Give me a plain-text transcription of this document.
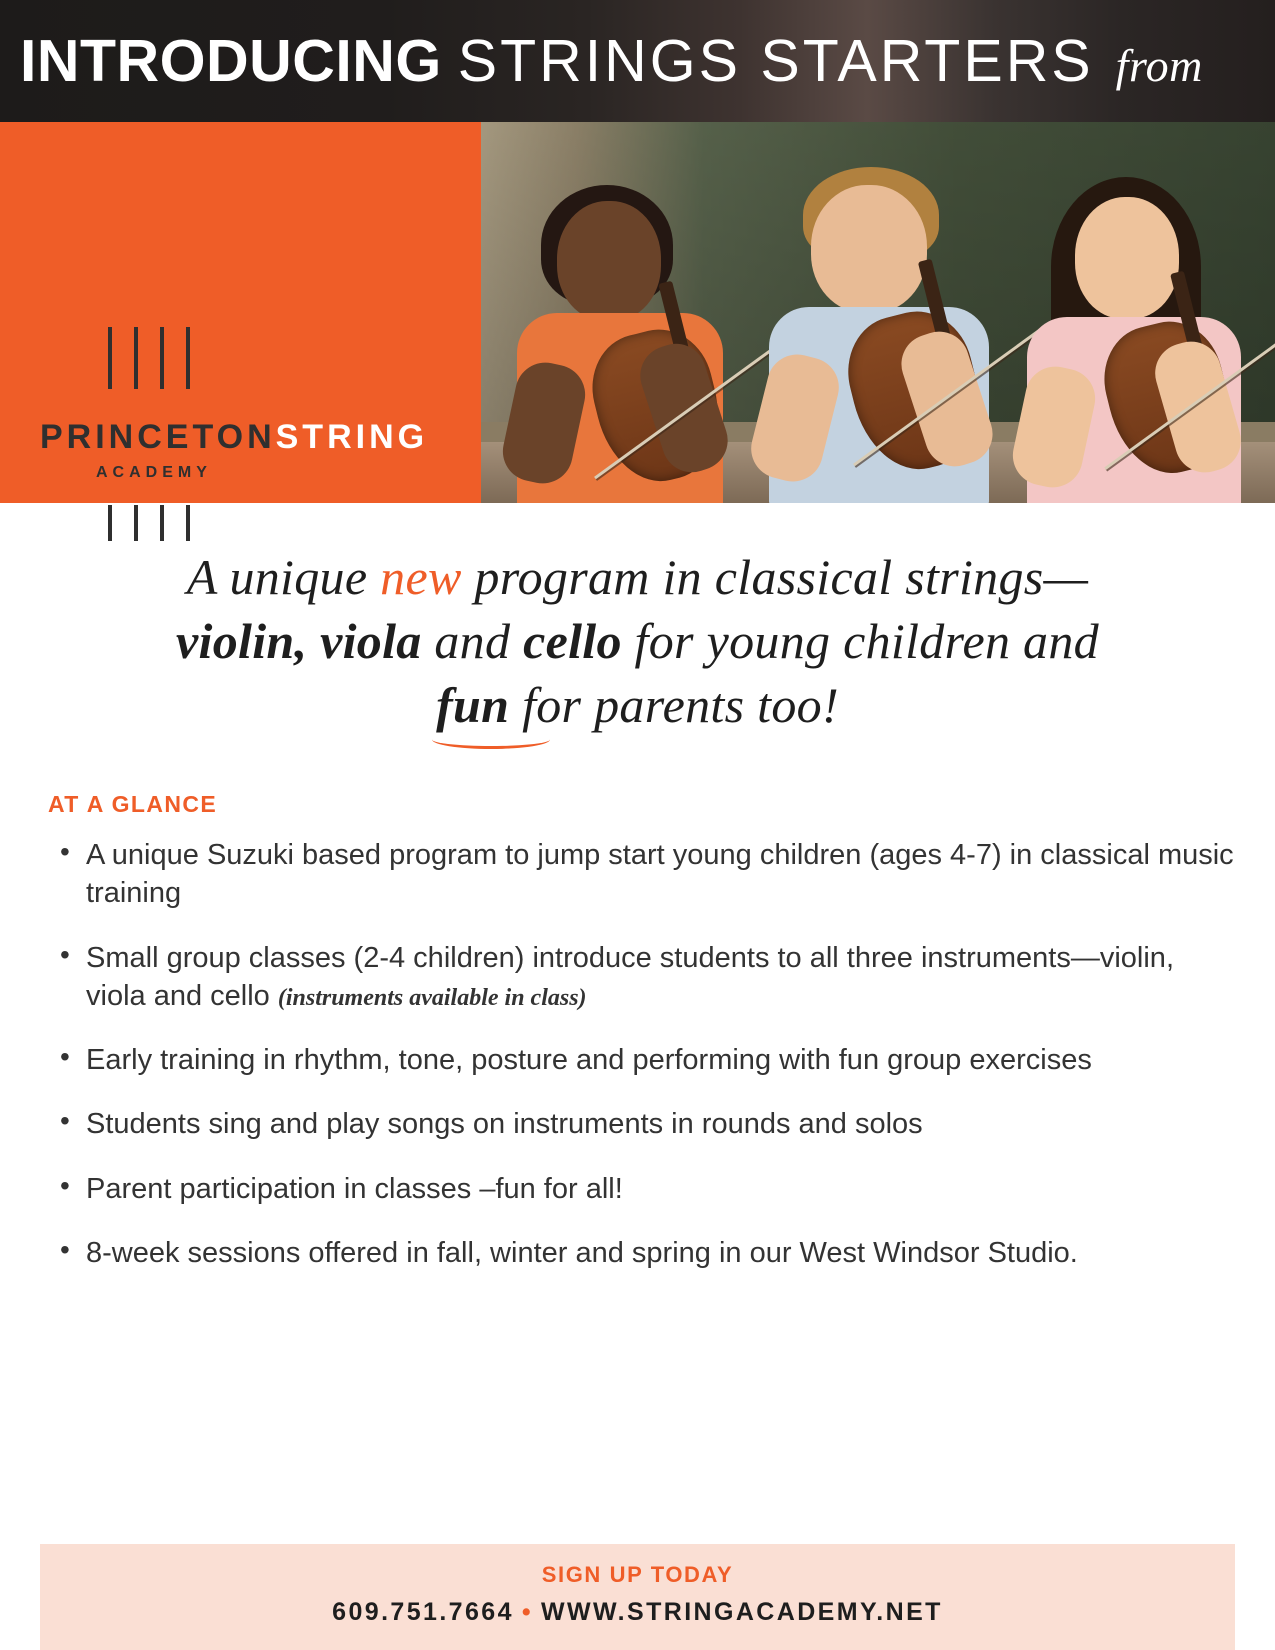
INTRODUCING STRINGS STARTERS from
PRINCETONSTRING
ACADEMY
A unique new program in classical strings—
violin, viola and cello for young children and
fun
for parents too!
AT A GLANCE
• A unique Suzuki based program to jump start young children (ages 4-7) in classical music training
• Small group classes (2-4 children) introduce students to all three instruments—violin, viola and cello (instruments available in class)
• Early training in rhythm, tone, posture and performing with fun group exercises
• Students sing and play songs on instruments in rounds and solos
• Parent participation in classes –fun for all!
• 8-week sessions offered in fall, winter and spring in our West Windsor Studio.
SIGN UP TODAY
609.751.7664 • WWW.STRINGACADEMY.NET
